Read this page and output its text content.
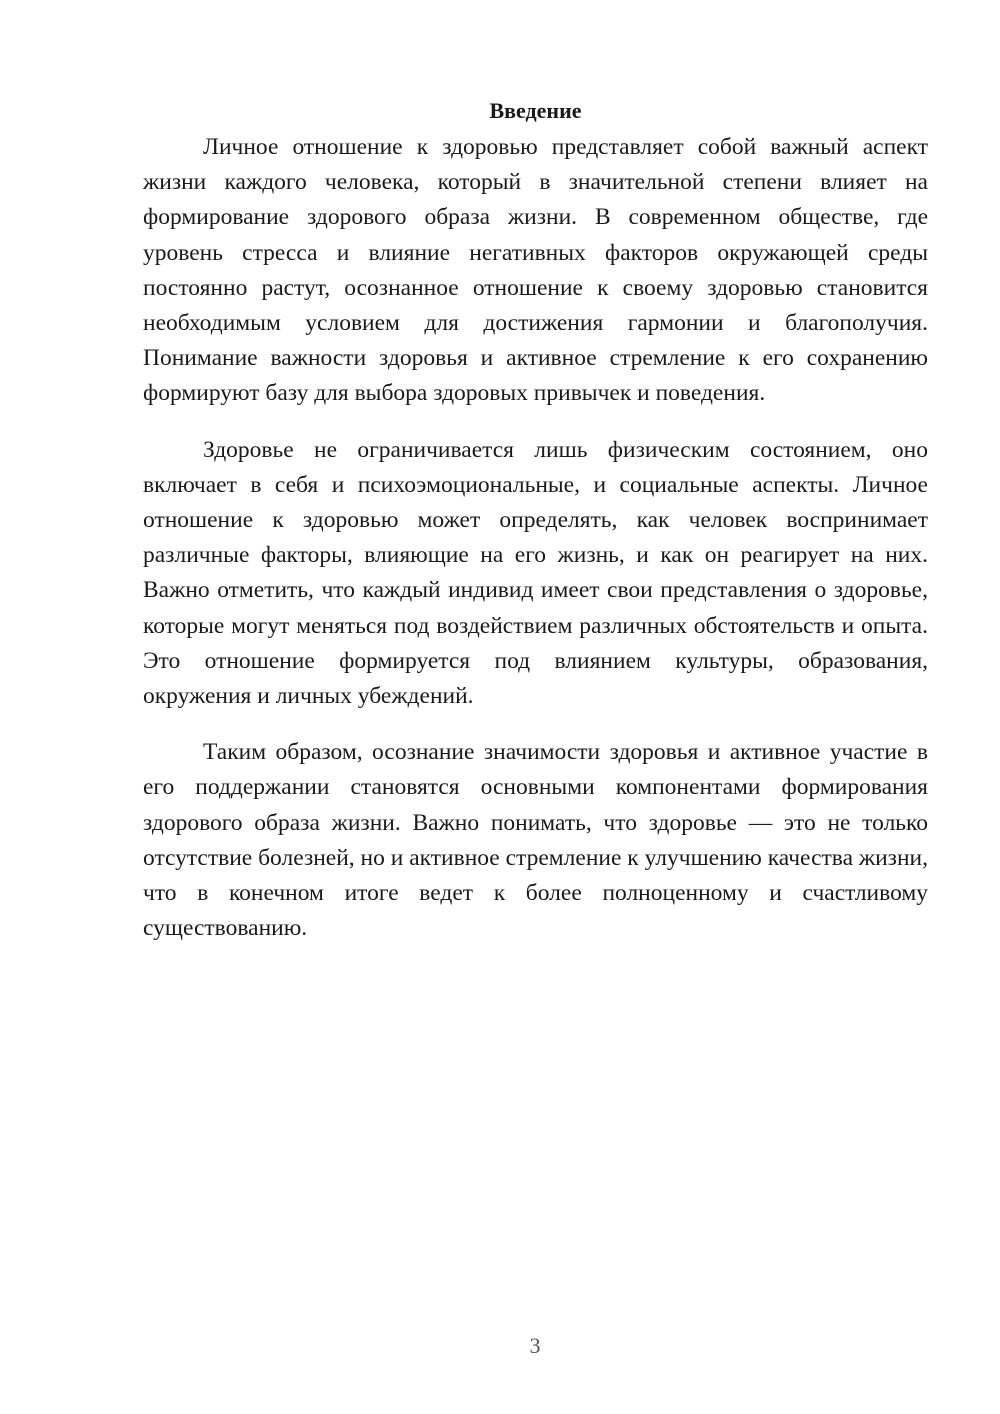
Введение

Личное отношение к здоровью представляет собой важный аспект жизни каждого человека, который в значительной степени влияет на формирование здорового образа жизни. В современном обществе, где уровень стресса и влияние негативных факторов окружающей среды постоянно растут, осознанное отношение к своему здоровью становится необходимым условием для достижения гармонии и благополучия. Понимание важности здоровья и активное стремление к его сохранению формируют базу для выбора здоровых привычек и поведения.

Здоровье не ограничивается лишь физическим состоянием, оно включает в себя и психоэмоциональные, и социальные аспекты. Личное отношение к здоровью может определять, как человек воспринимает различные факторы, влияющие на его жизнь, и как он реагирует на них. Важно отметить, что каждый индивид имеет свои представления о здоровье, которые могут меняться под воздействием различных обстоятельств и опыта. Это отношение формируется под влиянием культуры, образования, окружения и личных убеждений.

Таким образом, осознание значимости здоровья и активное участие в его поддержании становятся основными компонентами формирования здорового образа жизни. Важно понимать, что здоровье — это не только отсутствие болезней, но и активное стремление к улучшению качества жизни, что в конечном итоге ведет к более полноценному и счастливому существованию.

3
